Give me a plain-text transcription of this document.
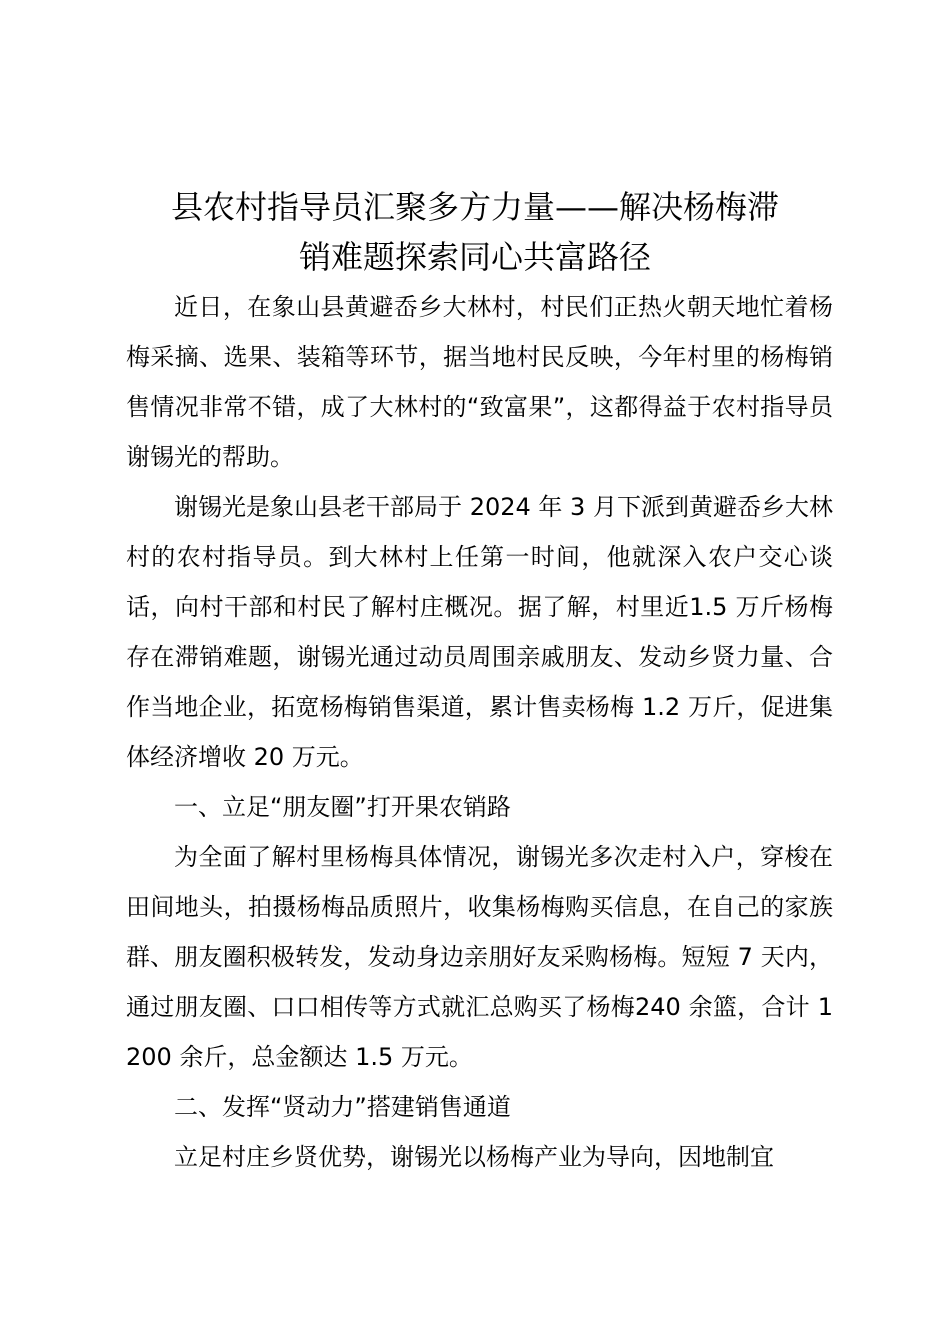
县农村指导员汇聚多方力量——解决杨梅滞
销难题探索同心共富路径

近日，在象山县黄避岙乡大林村，村民们正热火朝天地忙着杨梅采摘、选果、装箱等环节，据当地村民反映，今年村里的杨梅销售情况非常不错，成了大林村的“致富果”，这都得益于农村指导员谢锡光的帮助。

谢锡光是象山县老干部局于 2024 年 3 月下派到黄避岙乡大林村的农村指导员。到大林村上任第一时间，他就深入农户交心谈话，向村干部和村民了解村庄概况。据了解，村里近1.5 万斤杨梅存在滞销难题，谢锡光通过动员周围亲戚朋友、发动乡贤力量、合作当地企业，拓宽杨梅销售渠道，累计售卖杨梅 1.2 万斤，促进集体经济增收 20 万元。

一、立足“朋友圈”打开果农销路

为全面了解村里杨梅具体情况，谢锡光多次走村入户，穿梭在田间地头，拍摄杨梅品质照片，收集杨梅购买信息，在自己的家族群、朋友圈积极转发，发动身边亲朋好友采购杨梅。短短 7 天内，通过朋友圈、口口相传等方式就汇总购买了杨梅240 余篮，合计 1200 余斤，总金额达 1.5 万元。

二、发挥“贤动力”搭建销售通道

立足村庄乡贤优势，谢锡光以杨梅产业为导向，因地制宜
